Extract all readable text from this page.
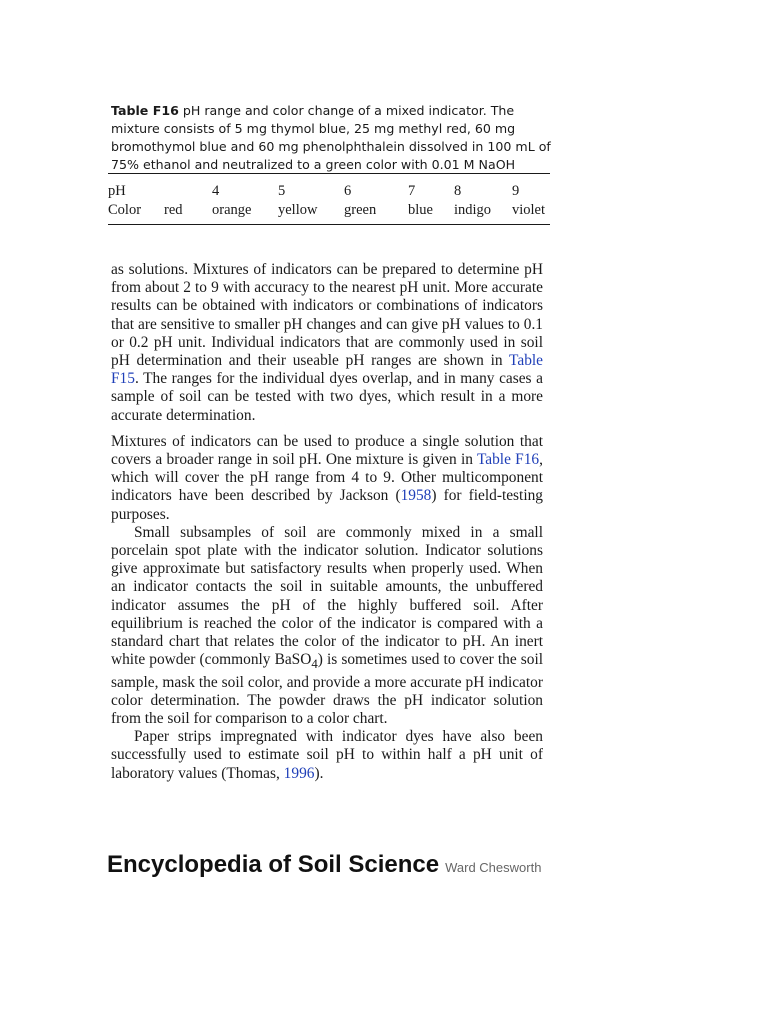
Table F16 pH range and color change of a mixed indicator. The mixture consists of 5 mg thymol blue, 25 mg methyl red, 60 mg bromothymol blue and 60 mg phenolphthalein dissolved in 100 mL of 75% ethanol and neutralized to a green color with 0.01 M NaOH
pH		4	5	6	7	8	9
Color	red	orange	yellow	green	blue	indigo	violet

as solutions. Mixtures of indicators can be prepared to determine pH from about 2 to 9 with accuracy to the nearest pH unit. More accurate results can be obtained with indicators or combinations of indicators that are sensitive to smaller pH changes and can give pH values to 0.1 or 0.2 pH unit. Individual indicators that are commonly used in soil pH determination and their useable pH ranges are shown in Table F15. The ranges for the individual dyes overlap, and in many cases a sample of soil can be tested with two dyes, which result in a more accurate determination.

Mixtures of indicators can be used to produce a single solution that covers a broader range in soil pH. One mixture is given in Table F16, which will cover the pH range from 4 to 9. Other multicomponent indicators have been described by Jackson (1958) for field-testing purposes.

Small subsamples of soil are commonly mixed in a small porcelain spot plate with the indicator solution. Indicator solutions give approximate but satisfactory results when properly used. When an indicator contacts the soil in suitable amounts, the unbuffered indicator assumes the pH of the highly buffered soil. After equilibrium is reached the color of the indicator is compared with a standard chart that relates the color of the indicator to pH. An inert white powder (commonly BaSO$_4$) is sometimes used to cover the soil sample, mask the soil color, and provide a more accurate pH indicator color determination. The powder draws the pH indicator solution from the soil for comparison to a color chart.

Paper strips impregnated with indicator dyes have also been successfully used to estimate soil pH to within half a pH unit of laboratory values (Thomas, 1996).

Encyclopedia of Soil Science Ward Chesworth
